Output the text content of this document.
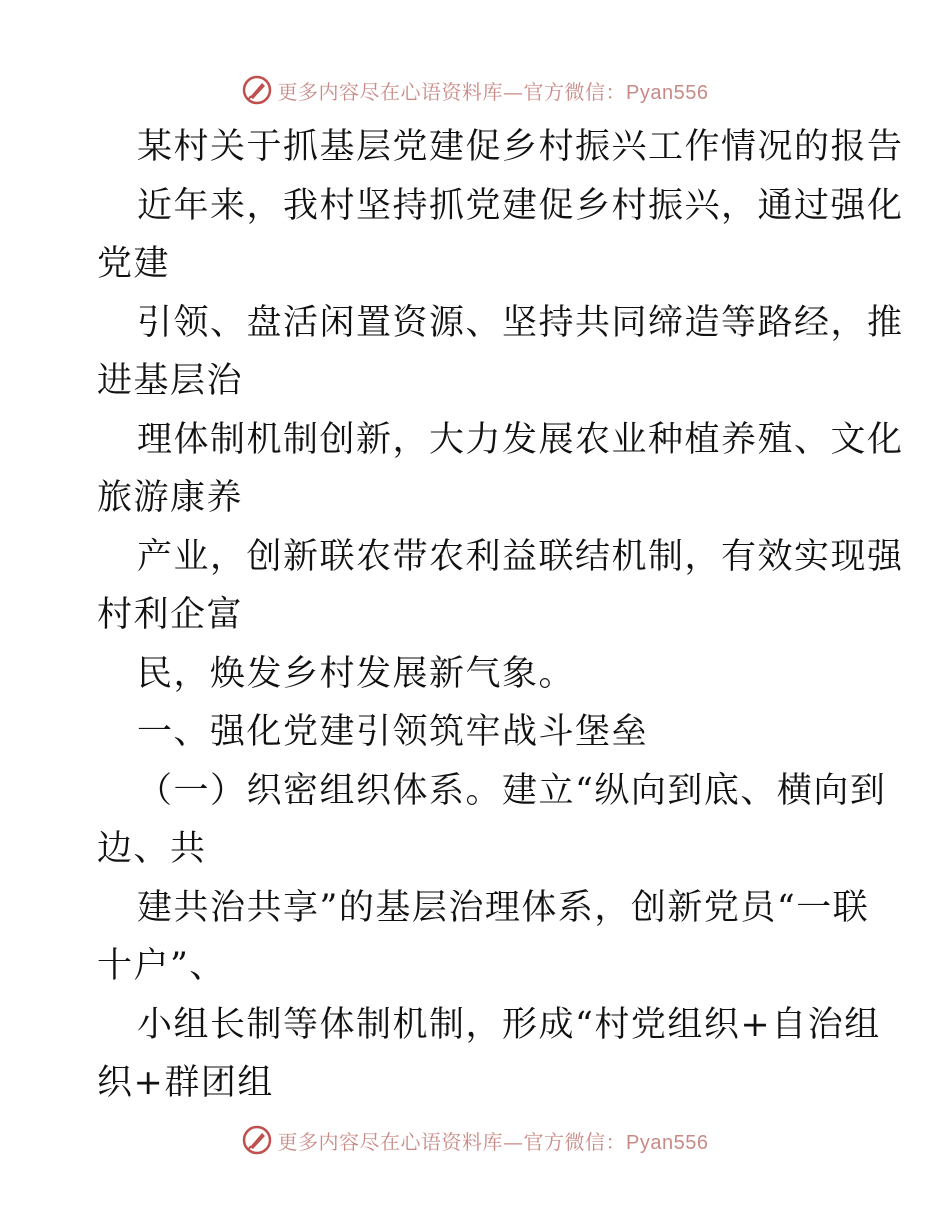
更多内容尽在心语资料库—官方微信：Pyan556
某村关于抓基层党建促乡村振兴工作情况的报告
近年来，我村坚持抓党建促乡村振兴，通过强化
党建
引领、盘活闲置资源、坚持共同缔造等路经，推
进基层治
理体制机制创新，大力发展农业种植养殖、文化
旅游康养
产业，创新联农带农利益联结机制，有效实现强
村利企富
民，焕发乡村发展新气象。
一、强化党建引领筑牢战斗堡垒
（一）织密组织体系。建立“纵向到底、横向到
边、共
建共治共享”的基层治理体系，创新党员“一联
十户”、
小组长制等体制机制，形成“村党组织+自治组
织+群团组
更多内容尽在心语资料库—官方微信：Pyan556
